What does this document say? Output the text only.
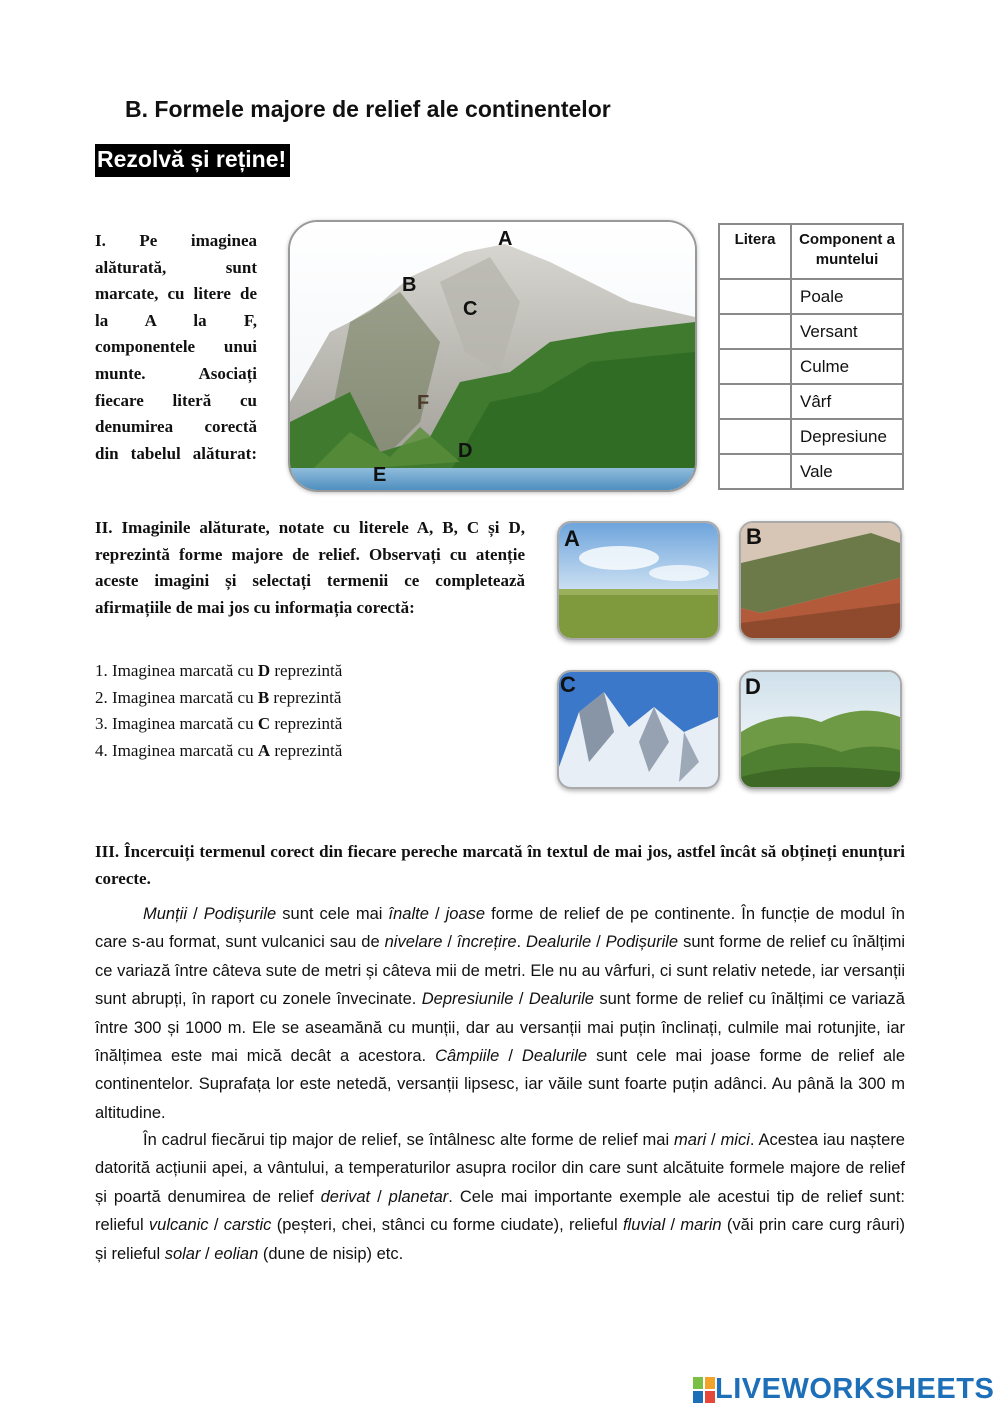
B. Formele majore de relief ale continentelor
Rezolvă și reține!
I. Pe imaginea alăturată, sunt marcate, cu litere de la A la F, componentele unui munte. Asociați fiecare literă cu denumirea corectă din tabelul alăturat:
A
B
C
F
D
E
Litera	Component a muntelui
	Poale
	Versant
	Culme
	Vârf
	Depresiune
	Vale
II. Imaginile alăturate, notate cu literele A, B, C și D, reprezintă forme majore de relief. Observați cu atenție aceste imagini și selectați termenii ce completează afirmațiile de mai jos cu informația corectă:
1. Imaginea marcată cu D reprezintă
2. Imaginea marcată cu B reprezintă
3. Imaginea marcată cu C reprezintă
4. Imaginea marcată cu A reprezintă
A	B
C	D
III. Încercuiți termenul corect din fiecare pereche marcată în textul de mai jos, astfel încât să obțineți enunțuri corecte.

Munții / Podișurile sunt cele mai înalte / joase forme de relief de pe continente. În funcție de modul în care s-au format, sunt vulcanici sau de nivelare / încrețire. Dealurile / Podișurile sunt forme de relief cu înălțimi ce variază între câteva sute de metri și câteva mii de metri. Ele nu au vârfuri, ci sunt relativ netede, iar versanții sunt abrupți, în raport cu zonele învecinate. Depresiunile / Dealurile sunt forme de relief cu înălțimi ce variază între 300 și 1000 m. Ele se aseamănă cu munții, dar au versanții mai puțin înclinați, culmile mai rotunjite, iar înălțimea este mai mică decât a acestora. Câmpiile / Dealurile sunt cele mai joase forme de relief ale continentelor. Suprafața lor este netedă, versanții lipsesc, iar văile sunt foarte puțin adânci. Au până la 300 m altitudine.

În cadrul fiecărui tip major de relief, se întâlnesc alte forme de relief mai mari / mici. Acestea iau naștere datorită acțiunii apei, a vântului, a temperaturilor asupra rocilor din care sunt alcătuite formele majore de relief și poartă denumirea de relief derivat / planetar. Cele mai importante exemple ale acestui tip de relief sunt: relieful vulcanic / carstic (peșteri, chei, stânci cu forme ciudate), relieful fluvial / marin (văi prin care curg râuri) și relieful solar / eolian (dune de nisip) etc.

LIVEWORKSHEETS
